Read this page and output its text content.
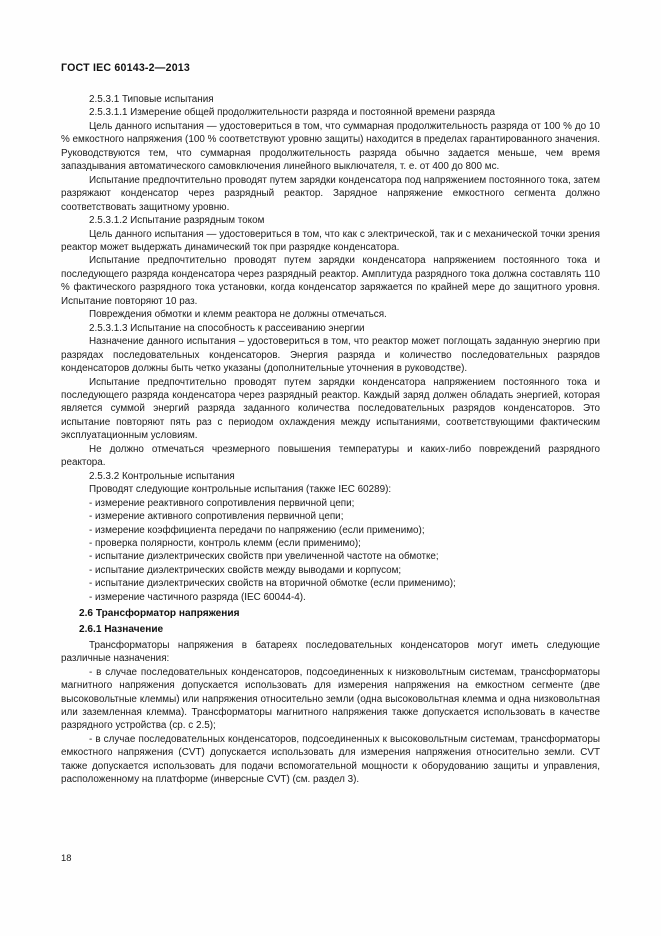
ГОСТ IEC 60143-2—2013

2.5.3.1 Типовые испытания

2.5.3.1.1 Измерение общей продолжительности разряда и постоянной времени разряда

Цель данного испытания — удостовериться в том, что суммарная продолжительность разряда от 100 % до 10 % емкостного напряжения (100 % соответствуют уровню защиты) находится в пределах гарантированного значения. Руководствуются тем, что суммарная продолжительность разряда обычно задается меньше, чем время запаздывания автоматического самовключения линейного выключателя, т. е. от 400 до 800 мс.

Испытание предпочтительно проводят путем зарядки конденсатора под напряжением постоянного тока, затем разряжают конденсатор через разрядный реактор. Зарядное напряжение емкостного сегмента должно соответствовать защитному уровню.

2.5.3.1.2 Испытание разрядным током

Цель данного испытания — удостовериться в том, что как с электрической, так и с механической точки зрения реактор может выдержать динамический ток при разрядке конденсатора.

Испытание предпочтительно проводят путем зарядки конденсатора напряжением постоянного тока и последующего разряда конденсатора через разрядный реактор. Амплитуда разрядного тока должна составлять 110 % фактического разрядного тока установки, когда конденсатор заряжается по крайней мере до защитного уровня. Испытание повторяют 10 раз.

Повреждения обмотки и клемм реактора не должны отмечаться.

2.5.3.1.3 Испытание на способность к рассеиванию энергии

Назначение данного испытания – удостовериться в том, что реактор может поглощать заданную энергию при разрядах последовательных конденсаторов. Энергия разряда и количество последовательных разрядов конденсаторов должны быть четко указаны (дополнительные уточнения в руководстве).

Испытание предпочтительно проводят путем зарядки конденсатора напряжением постоянного тока и последующего разряда конденсатора через разрядный реактор. Каждый заряд должен обладать энергией, которая является суммой энергий разряда заданного количества последовательных разрядов конденсаторов. Это испытание повторяют пять раз с периодом охлаждения между испытаниями, соответствующими фактическим эксплуатационным условиям.

Не должно отмечаться чрезмерного повышения температуры и каких-либо повреждений разрядного реактора.

2.5.3.2 Контрольные испытания

Проводят следующие контрольные испытания (также IEC 60289):

- измерение реактивного сопротивления первичной цепи;
- измерение активного сопротивления первичной цепи;
- измерение коэффициента передачи по напряжению (если применимо);
- проверка полярности, контроль клемм (если применимо);
- испытание диэлектрических свойств при увеличенной частоте на обмотке;
- испытание диэлектрических свойств между выводами и корпусом;
- испытание диэлектрических свойств на вторичной обмотке (если применимо);
- измерение частичного разряда (IEC 60044-4).

2.6 Трансформатор напряжения

2.6.1 Назначение

Трансформаторы напряжения в батареях последовательных конденсаторов могут иметь следующие различные назначения:

- в случае последовательных конденсаторов, подсоединенных к низковольтным системам, трансформаторы магнитного напряжения допускается использовать для измерения напряжения на емкостном сегменте (две высоковольтные клеммы) или напряжения относительно земли (одна высоковольтная клемма и одна низковольтная или заземленная клемма). Трансформаторы магнитного напряжения также допускается использовать в качестве разрядного устройства (ср. с 2.5);

- в случае последовательных конденсаторов, подсоединенных к высоковольтным системам, трансформаторы емкостного напряжения (CVT) допускается использовать для измерения напряжения относительно земли. CVT также допускается использовать для подачи вспомогательной мощности к оборудованию защиты и управления, расположенному на платформе (инверсные CVT) (см. раздел 3).

18
